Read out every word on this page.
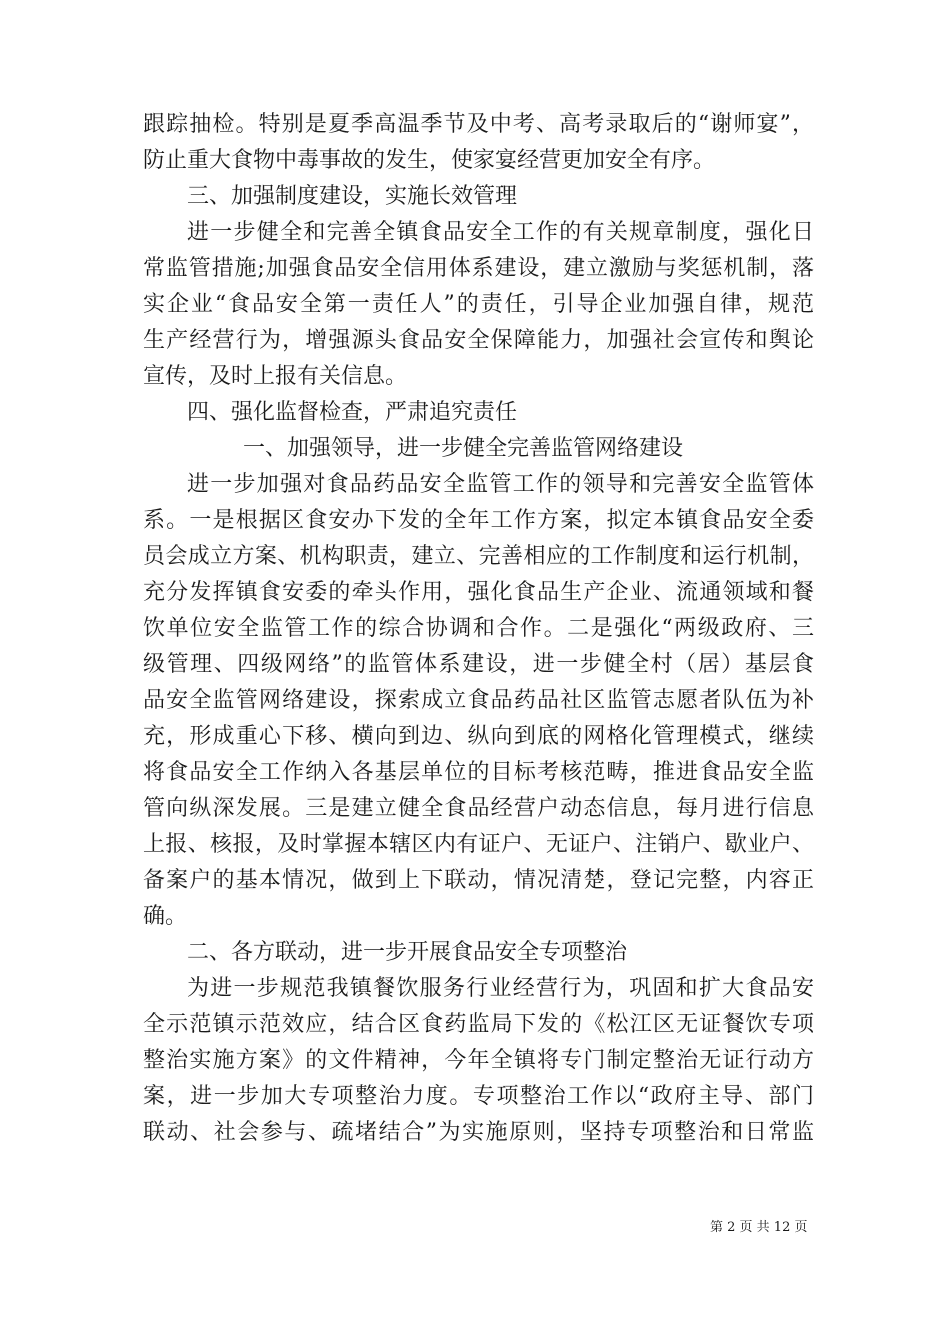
跟踪抽检。特别是夏季高温季节及中考、高考录取后的“谢师宴”，

防止重大食物中毒事故的发生，使家宴经营更加安全有序。

三、加强制度建设，实施长效管理

进一步健全和完善全镇食品安全工作的有关规章制度，强化日

常监管措施;加强食品安全信用体系建设，建立激励与奖惩机制，落

实企业“食品安全第一责任人”的责任，引导企业加强自律，规范

生产经营行为，增强源头食品安全保障能力，加强社会宣传和舆论

宣传，及时上报有关信息。

四、强化监督检查，严肃追究责任

一、加强领导，进一步健全完善监管网络建设

进一步加强对食品药品安全监管工作的领导和完善安全监管体

系。一是根据区食安办下发的全年工作方案，拟定本镇食品安全委

员会成立方案、机构职责，建立、完善相应的工作制度和运行机制，

充分发挥镇食安委的牵头作用，强化食品生产企业、流通领域和餐

饮单位安全监管工作的综合协调和合作。二是强化“两级政府、三

级管理、四级网络”的监管体系建设，进一步健全村（居）基层食

品安全监管网络建设，探索成立食品药品社区监管志愿者队伍为补

充，形成重心下移、横向到边、纵向到底的网格化管理模式，继续

将食品安全工作纳入各基层单位的目标考核范畴，推进食品安全监

管向纵深发展。三是建立健全食品经营户动态信息，每月进行信息

上报、核报，及时掌握本辖区内有证户、无证户、注销户、歇业户、

备案户的基本情况，做到上下联动，情况清楚，登记完整，内容正

确。

二、各方联动，进一步开展食品安全专项整治

为进一步规范我镇餐饮服务行业经营行为，巩固和扩大食品安

全示范镇示范效应，结合区食药监局下发的《松江区无证餐饮专项

整治实施方案》的文件精神，今年全镇将专门制定整治无证行动方

案，进一步加大专项整治力度。专项整治工作以“政府主导、部门

联动、社会参与、疏堵结合”为实施原则，坚持专项整治和日常监

第 2 页 共 12 页
